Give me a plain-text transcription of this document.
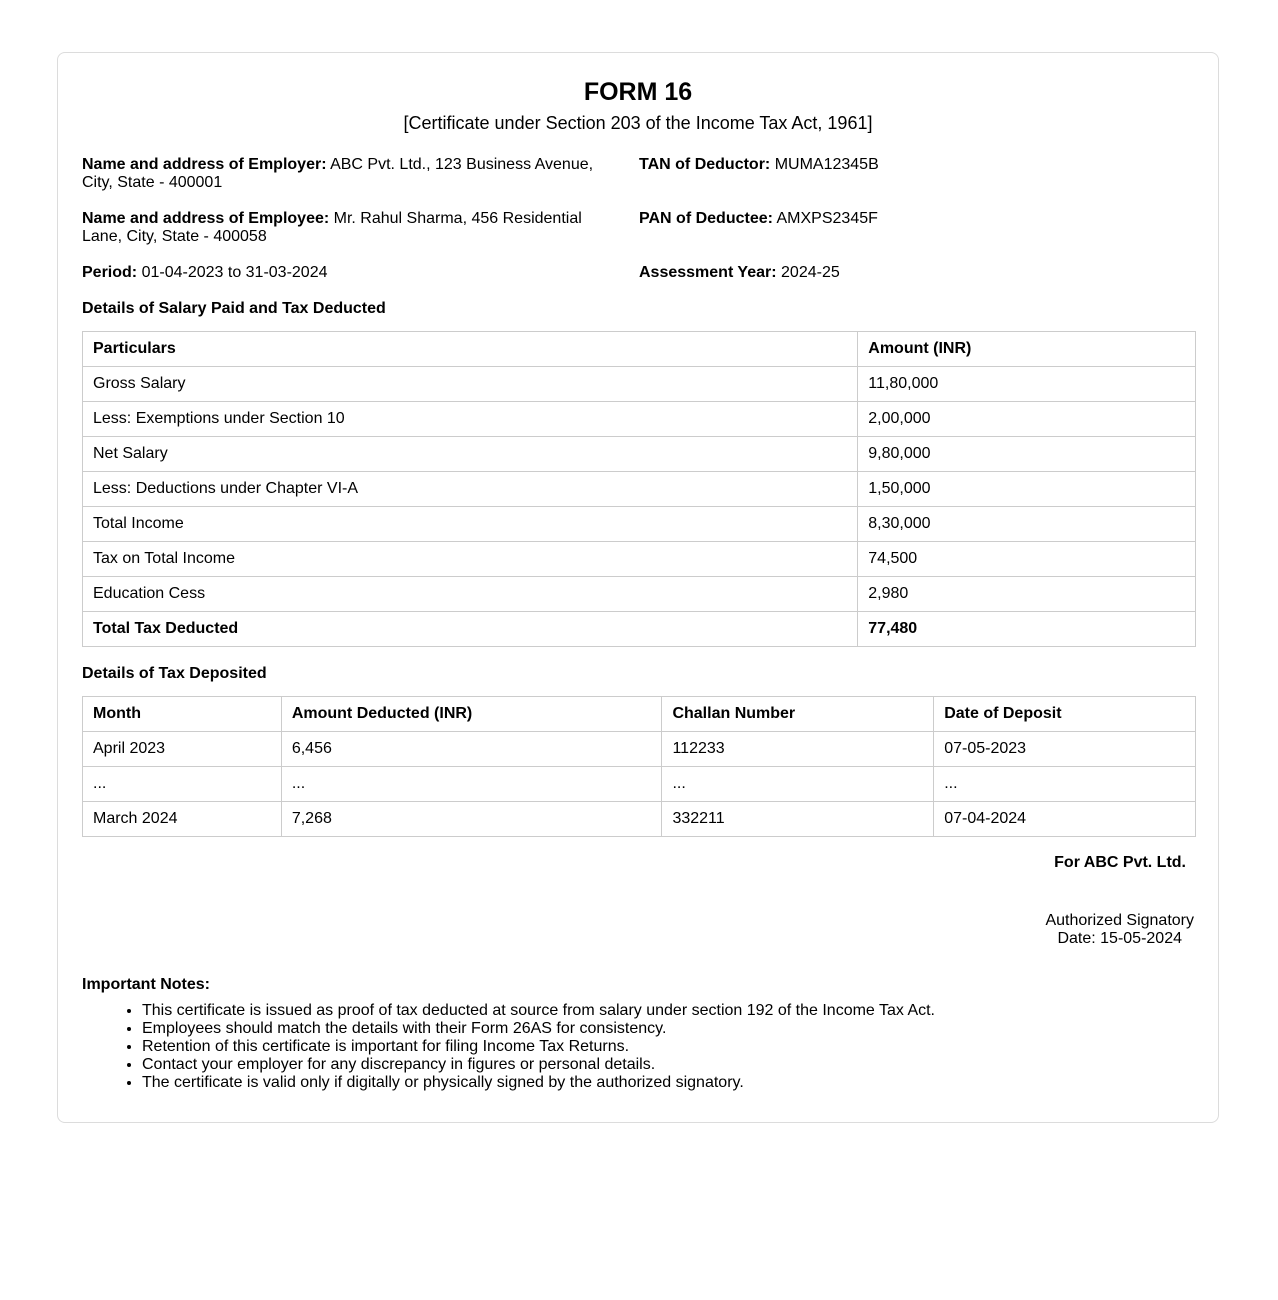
FORM 16

[Certificate under Section 203 of the Income Tax Act, 1961]

Name and address of Employer: ABC Pvt. Ltd., 123 Business Avenue, City, State - 400001
TAN of Deductor: MUMA12345B
Name and address of Employee: Mr. Rahul Sharma, 456 Residential Lane, City, State - 400058
PAN of Deductee: AMXPS2345F
Period: 01-04-2023 to 31-03-2024	Assessment Year: 2024-25
Details of Salary Paid and Tax Deducted
Particulars	Amount (INR)
Gross Salary	11,80,000
Less: Exemptions under Section 10	2,00,000
Net Salary	9,80,000
Less: Deductions under Chapter VI-A	1,50,000
Total Income	8,30,000
Tax on Total Income	74,500
Education Cess	2,980
Total Tax Deducted	77,480
Details of Tax Deposited
Month	Amount Deducted (INR)	Challan Number	Date of Deposit
April 2023	6,456	112233	07-05-2023
...	...	...	...
March 2024	7,268	332211	07-04-2024
For ABC Pvt. Ltd.
Authorized Signatory
Date: 15-05-2024
Important Notes:
• This certificate is issued as proof of tax deducted at source from salary under section 192 of the Income Tax Act.
• Employees should match the details with their Form 26AS for consistency.
• Retention of this certificate is important for filing Income Tax Returns.
• Contact your employer for any discrepancy in figures or personal details.
• The certificate is valid only if digitally or physically signed by the authorized signatory.
